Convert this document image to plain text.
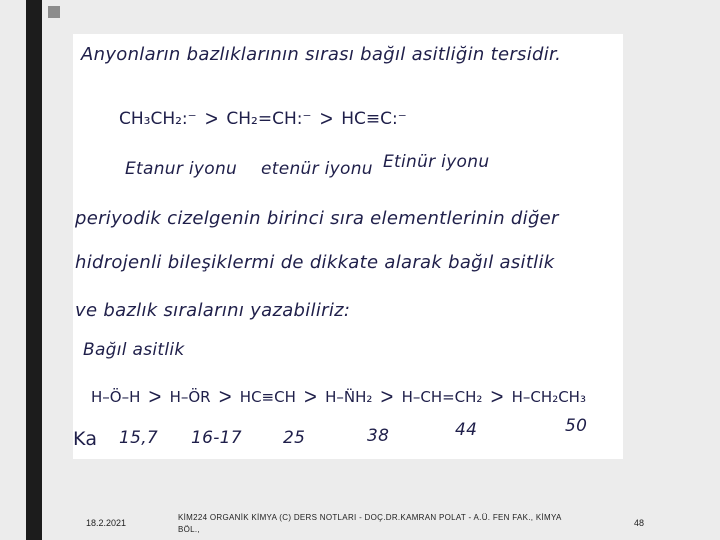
Anyonların bazlıklarının sırası bağıl asitliğin tersidir.
CH₃CH₂:⁻ > CH₂=CH:⁻ > HC≡C:⁻
Etanur iyonu etenür iyonu Etinür iyonu
periyodik cizelgenin birinci sıra elementlerinin diğer
hidrojenli bileşiklermi de dikkate alarak bağıl asitlik
ve bazlık sıralarını yazabiliriz:
Bağıl asitlik
H–Ö–H > H–ÖR > HC≡CH > H–N̈H₂ > H–CH=CH₂ > H–CH₂CH₃
Ka 15,7 16-17 25	38	44	50
18.2.2021
KİM224 ORGANİK KİMYA (C) DERS NOTLARI - DOÇ.DR.KAMRAN POLAT - A.Ü. FEN FAK., KİMYA BÖL.,
48
